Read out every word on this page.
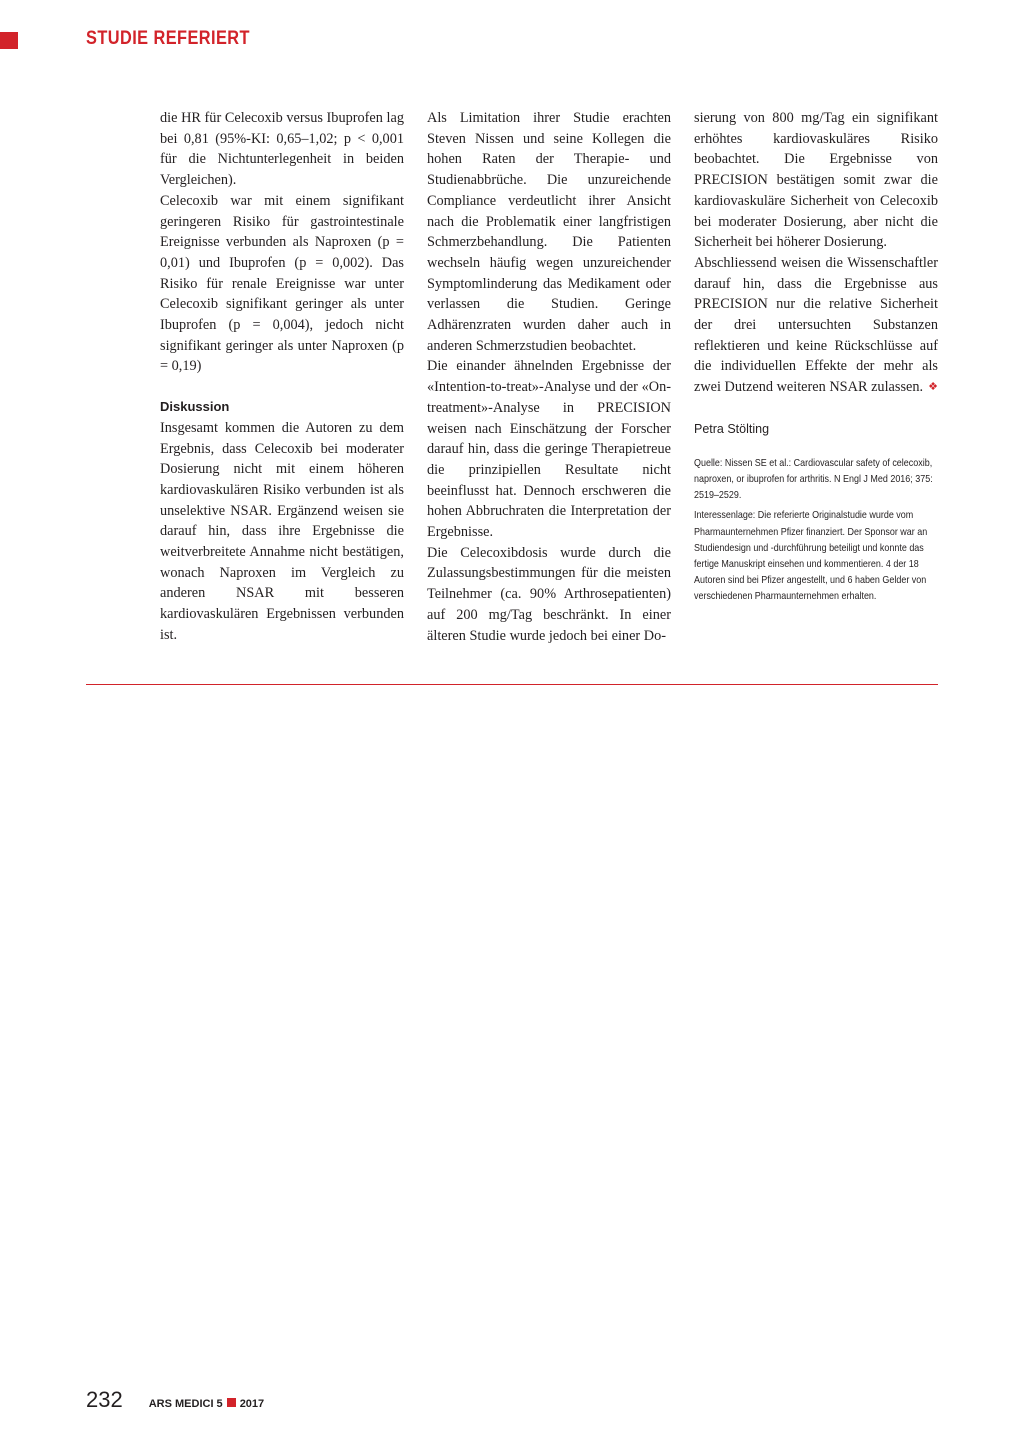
STUDIE REFERIERT

die HR für Celecoxib versus Ibuprofen lag bei 0,81 (95%-KI: 0,65–1,02; p < 0,001 für die Nichtunterlegenheit in beiden Vergleichen).

Celecoxib war mit einem signifikant geringeren Risiko für gastrointestinale Ereignisse verbunden als Naproxen (p = 0,01) und Ibuprofen (p = 0,002). Das Risiko für renale Ereignisse war unter Celecoxib signifikant geringer als unter Ibuprofen (p = 0,004), jedoch nicht signifikant geringer als unter Naproxen (p = 0,19)

Diskussion

Insgesamt kommen die Autoren zu dem Ergebnis, dass Celecoxib bei moderater Dosierung nicht mit einem höheren kardiovaskulären Risiko verbunden ist als unselektive NSAR. Ergänzend weisen sie darauf hin, dass ihre Ergebnisse die weitverbreitete Annahme nicht bestätigen, wonach Naproxen im Vergleich zu anderen NSAR mit besseren kardiovaskulären Ergebnissen verbunden ist.

Als Limitation ihrer Studie erachten Steven Nissen und seine Kollegen die hohen Raten der Therapie- und Studienabbrüche. Die unzureichende Compliance verdeutlicht ihrer Ansicht nach die Problematik einer langfristigen Schmerzbehandlung. Die Patienten wechseln häufig wegen unzureichender Symptomlinderung das Medikament oder verlassen die Studien. Geringe Adhärenzraten wurden daher auch in anderen Schmerzstudien beobachtet.

Die einander ähnelnden Ergebnisse der «Intention-to-treat»-Analyse und der «On-treatment»-Analyse in PRECISION weisen nach Einschätzung der Forscher darauf hin, dass die geringe Therapietreue die prinzipiellen Resultate nicht beeinflusst hat. Dennoch erschweren die hohen Abbruchraten die Interpretation der Ergebnisse.

Die Celecoxibdosis wurde durch die Zulassungsbestimmungen für die meisten Teilnehmer (ca. 90% Arthrosepatienten) auf 200 mg/Tag beschränkt. In einer älteren Studie wurde jedoch bei einer Do-

sierung von 800 mg/Tag ein signifikant erhöhtes kardiovaskuläres Risiko beobachtet. Die Ergebnisse von PRECISION bestätigen somit zwar die kardiovaskuläre Sicherheit von Celecoxib bei moderater Dosierung, aber nicht die Sicherheit bei höherer Dosierung.

Abschliessend weisen die Wissenschaftler darauf hin, dass die Ergebnisse aus PRECISION nur die relative Sicherheit der drei untersuchten Substanzen reflektieren und keine Rückschlüsse auf die individuellen Effekte der mehr als zwei Dutzend weiteren NSAR zulassen. ❖

Petra Stölting

Quelle: Nissen SE et al.: Cardiovascular safety of celecoxib, naproxen, or ibuprofen for arthritis. N Engl J Med 2016; 375: 2519–2529.

Interessenlage: Die referierte Originalstudie wurde vom Pharmaunternehmen Pfizer finanziert. Der Sponsor war an Studiendesign und -durchführung beteiligt und konnte das fertige Manuskript einsehen und kommentieren. 4 der 18 Autoren sind bei Pfizer angestellt, und 6 haben Gelder von verschiedenen Pharmaunternehmen erhalten.

232 ARS MEDICI 5 2017
